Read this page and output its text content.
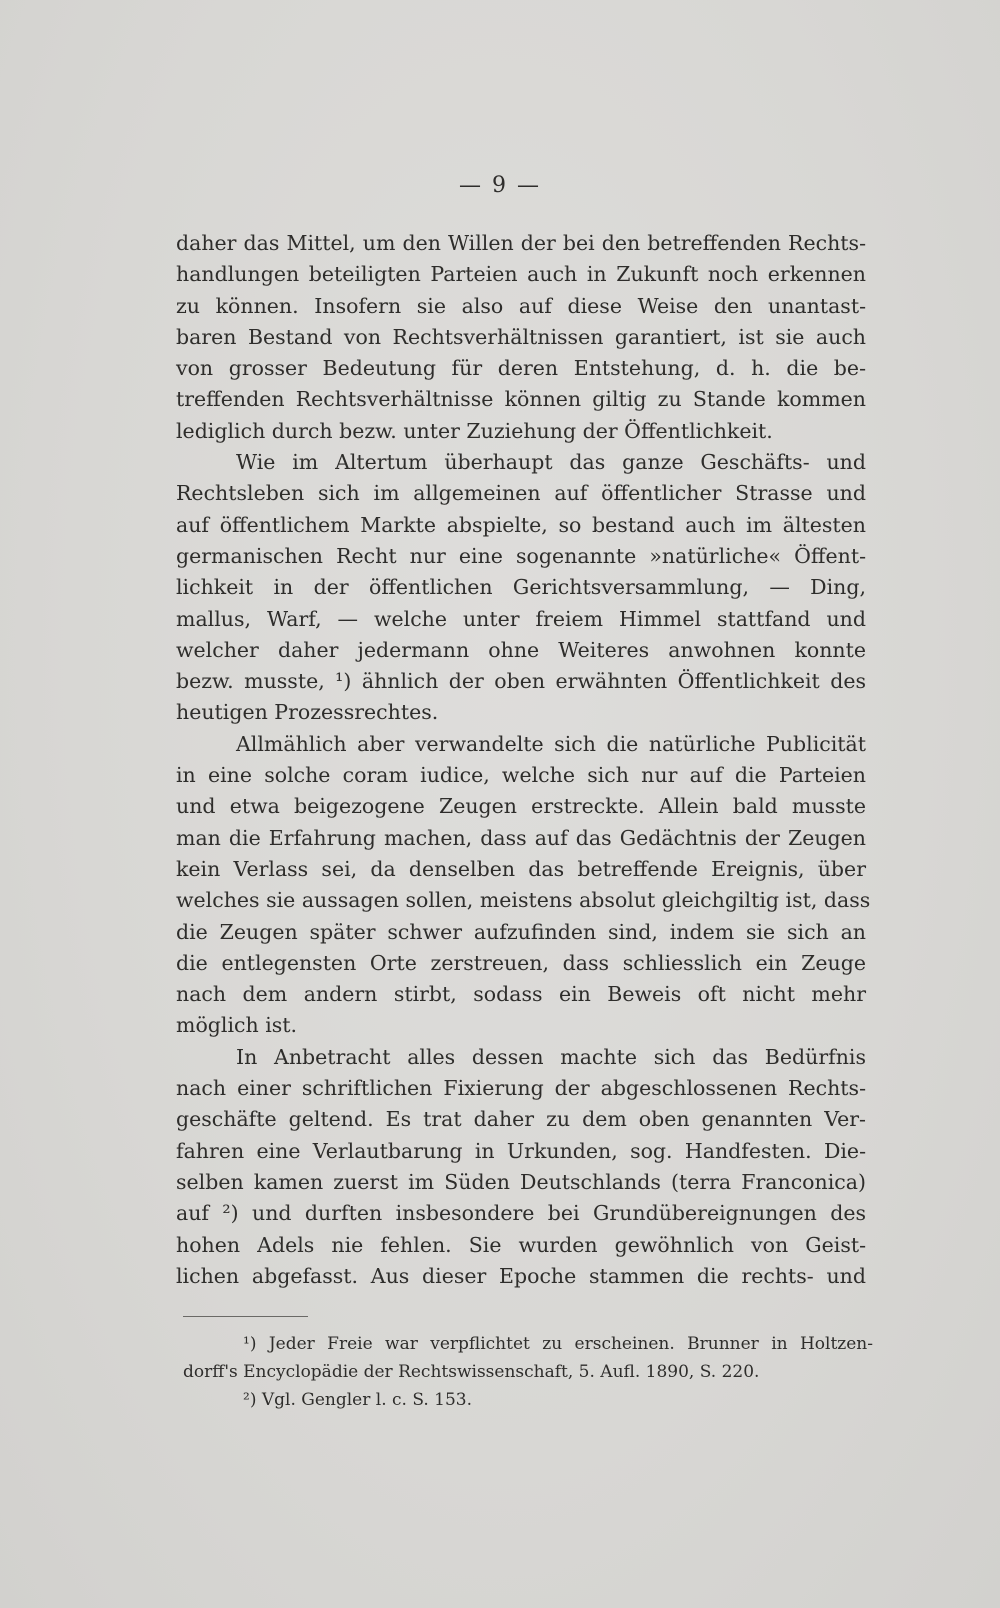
— 9 —
daher das Mittel, um den Willen der bei den betreffenden Rechts-
handlungen beteiligten Parteien auch in Zukunft noch erkennen
zu können. Insofern sie also auf diese Weise den unantast-
baren Bestand von Rechtsverhältnissen garantiert, ist sie auch
von grosser Bedeutung für deren Entstehung, d. h. die be-
treffenden Rechtsverhältnisse können giltig zu Stande kommen
lediglich durch bezw. unter Zuziehung der Öffentlichkeit.
Wie im Altertum überhaupt das ganze Geschäfts- und
Rechtsleben sich im allgemeinen auf öffentlicher Strasse und
auf öffentlichem Markte abspielte, so bestand auch im ältesten
germanischen Recht nur eine sogenannte »natürliche« Öffent-
lichkeit in der öffentlichen Gerichtsversammlung, — Ding,
mallus, Warf, — welche unter freiem Himmel stattfand und
welcher daher jedermann ohne Weiteres anwohnen konnte
bezw. musste, ¹) ähnlich der oben erwähnten Öffentlichkeit des
heutigen Prozessrechtes.
Allmählich aber verwandelte sich die natürliche Publicität
in eine solche coram iudice, welche sich nur auf die Parteien
und etwa beigezogene Zeugen erstreckte. Allein bald musste
man die Erfahrung machen, dass auf das Gedächtnis der Zeugen
kein Verlass sei, da denselben das betreffende Ereignis, über
welches sie aussagen sollen, meistens absolut gleichgiltig ist, dass
die Zeugen später schwer aufzufinden sind, indem sie sich an
die entlegensten Orte zerstreuen, dass schliesslich ein Zeuge
nach dem andern stirbt, sodass ein Beweis oft nicht mehr
möglich ist.
In Anbetracht alles dessen machte sich das Bedürfnis
nach einer schriftlichen Fixierung der abgeschlossenen Rechts-
geschäfte geltend. Es trat daher zu dem oben genannten Ver-
fahren eine Verlautbarung in Urkunden, sog. Handfesten. Die-
selben kamen zuerst im Süden Deutschlands (terra Franconica)
auf ²) und durften insbesondere bei Grundübereignungen des
hohen Adels nie fehlen. Sie wurden gewöhnlich von Geist-
lichen abgefasst. Aus dieser Epoche stammen die rechts- und
¹) Jeder Freie war verpflichtet zu erscheinen. Brunner in Holtzen-
dorff's Encyclopädie der Rechtswissenschaft, 5. Aufl. 1890, S. 220.
²) Vgl. Gengler l. c. S. 153.
